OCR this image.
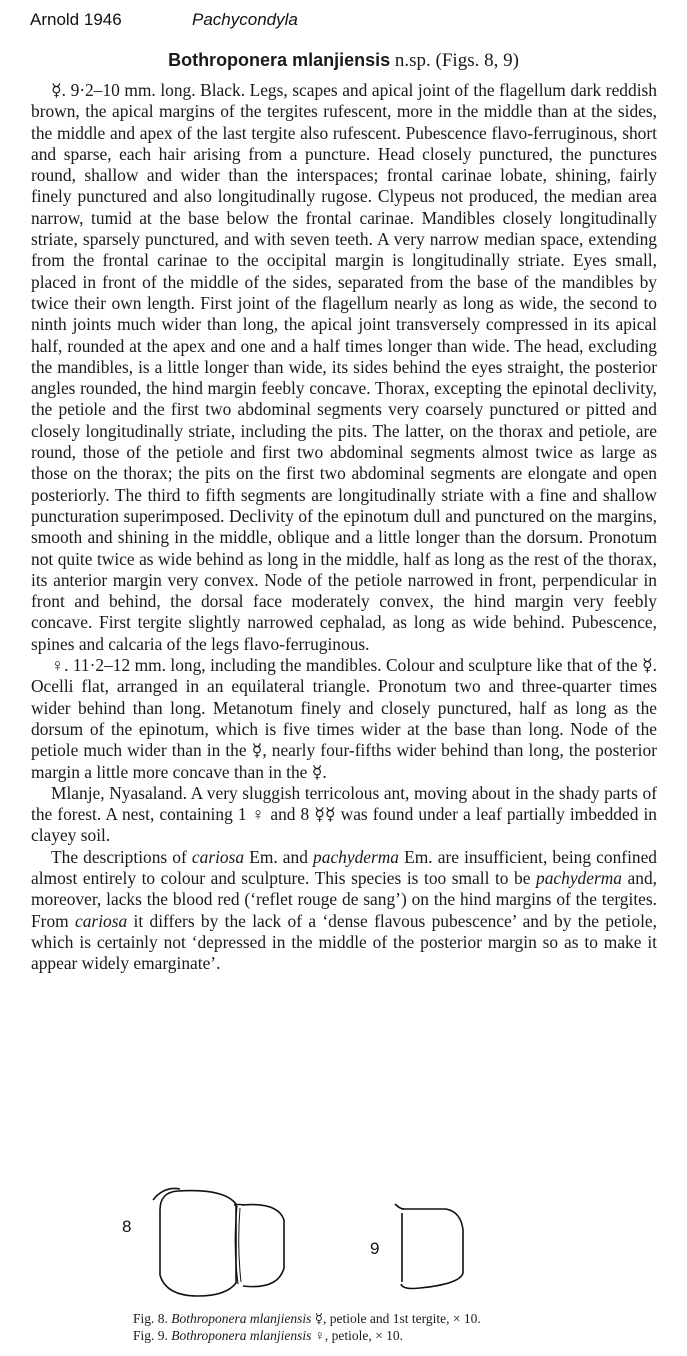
Arnold 1946	Pachycondyla
Bothroponera mlanjiensis n.sp. (Figs. 8, 9)

☿. 9·2–10 mm. long. Black. Legs, scapes and apical joint of the flagellum dark reddish brown, the apical margins of the tergites rufescent, more in the middle than at the sides, the middle and apex of the last tergite also rufescent. Pubescence flavo-ferruginous, short and sparse, each hair arising from a puncture. Head closely punctured, the punctures round, shallow and wider than the interspaces; frontal carinae lobate, shining, fairly finely punctured and also longitudinally rugose. Clypeus not produced, the median area narrow, tumid at the base below the frontal carinae. Mandibles closely longitudinally striate, sparsely punctured, and with seven teeth. A very narrow median space, extending from the frontal carinae to the occipital margin is longitudinally striate. Eyes small, placed in front of the middle of the sides, separated from the base of the mandibles by twice their own length. First joint of the flagellum nearly as long as wide, the second to ninth joints much wider than long, the apical joint transversely compressed in its apical half, rounded at the apex and one and a half times longer than wide. The head, excluding the mandibles, is a little longer than wide, its sides behind the eyes straight, the posterior angles rounded, the hind margin feebly concave. Thorax, excepting the epinotal declivity, the petiole and the first two abdominal segments very coarsely punctured or pitted and closely longitudinally striate, including the pits. The latter, on the thorax and petiole, are round, those of the petiole and first two abdominal segments almost twice as large as those on the thorax; the pits on the first two abdominal segments are elongate and open posteriorly. The third to fifth segments are longitudinally striate with a fine and shallow puncturation superimposed. Declivity of the epinotum dull and punctured on the margins, smooth and shining in the middle, oblique and a little longer than the dorsum. Pronotum not quite twice as wide behind as long in the middle, half as long as the rest of the thorax, its anterior margin very convex. Node of the petiole narrowed in front, perpendicular in front and behind, the dorsal face moderately convex, the hind margin very feebly concave. First tergite slightly narrowed cephalad, as long as wide behind. Pubescence, spines and calcaria of the legs flavo-ferruginous.

♀. 11·2–12 mm. long, including the mandibles. Colour and sculpture like that of the ☿. Ocelli flat, arranged in an equilateral triangle. Pronotum two and three-quarter times wider behind than long. Metanotum finely and closely punctured, half as long as the dorsum of the epinotum, which is five times wider at the base than long. Node of the petiole much wider than in the ☿, nearly four-fifths wider behind than long, the posterior margin a little more concave than in the ☿.

Mlanje, Nyasaland. A very sluggish terricolous ant, moving about in the shady parts of the forest. A nest, containing 1 ♀ and 8 ☿☿ was found under a leaf partially imbedded in clayey soil.

The descriptions of cariosa Em. and pachyderma Em. are insufficient, being confined almost entirely to colour and sculpture. This species is too small to be pachyderma and, moreover, lacks the blood red (‘reflet rouge de sang’) on the hind margins of the tergites. From cariosa it differs by the lack of a ‘dense flavous pubescence’ and by the petiole, which is certainly not ‘depressed in the middle of the posterior margin so as to make it appear widely emarginate’.

8
9
Fig. 8. Bothroponera mlanjiensis ☿, petiole and 1st tergite, × 10.
Fig. 9. Bothroponera mlanjiensis ♀, petiole, × 10.
